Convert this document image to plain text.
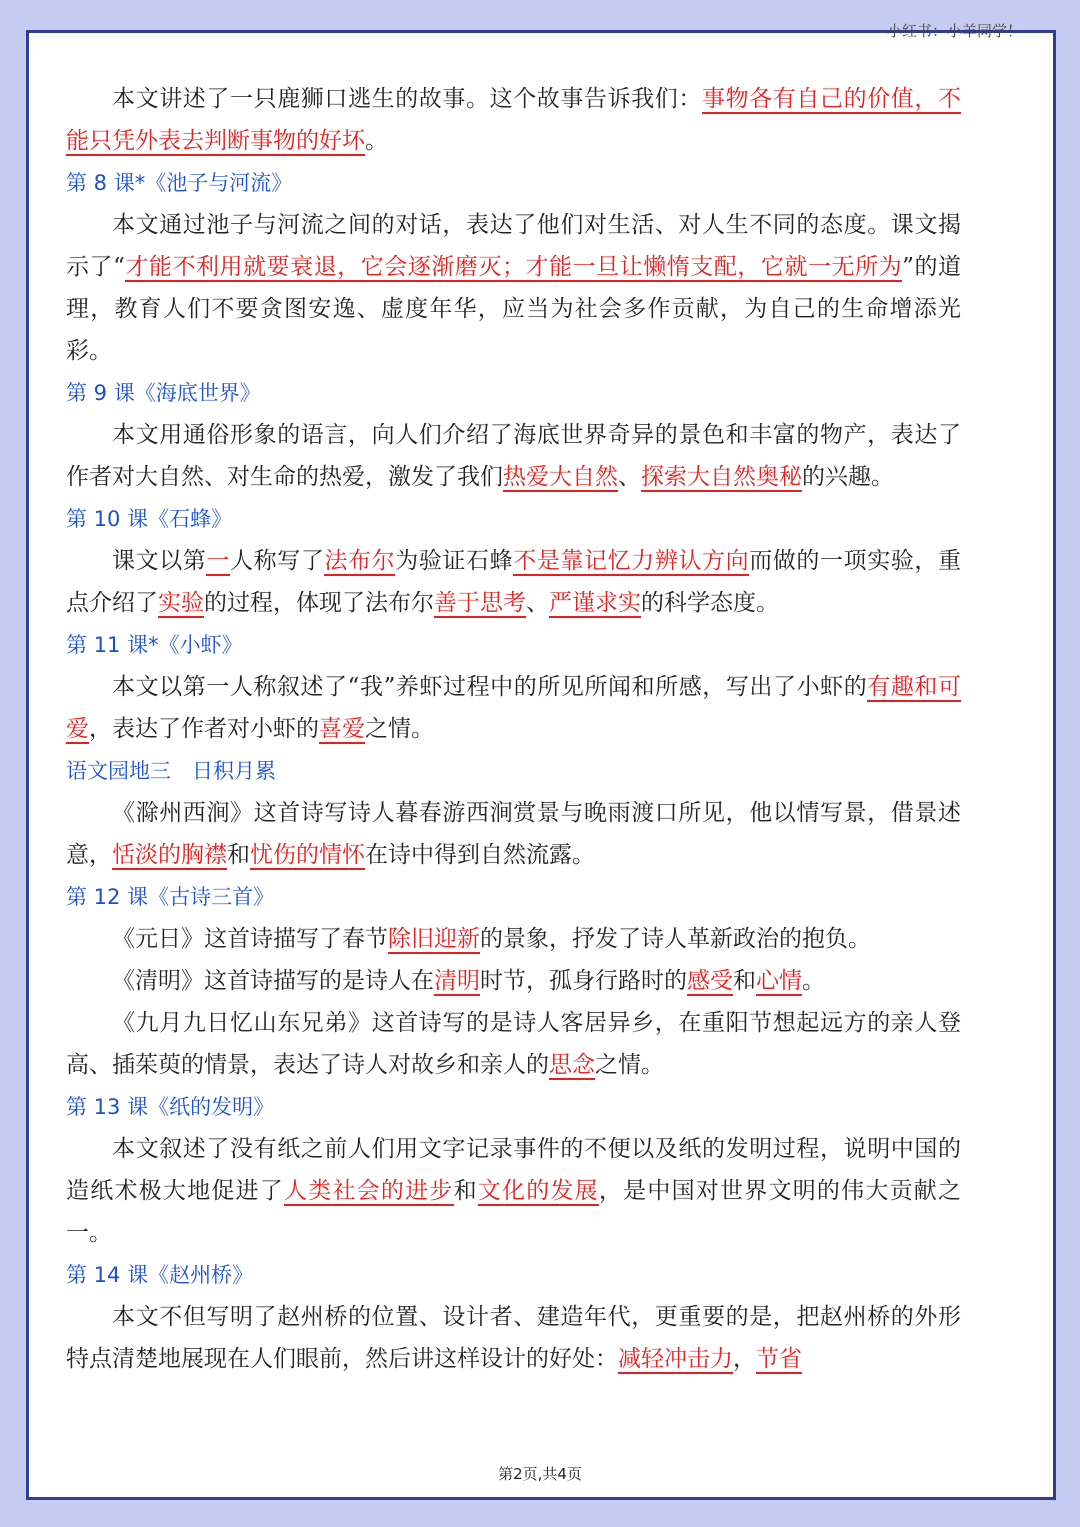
小红书：小羊同学！
本文讲述了一只鹿狮口逃生的故事。这个故事告诉我们：事物各有自己的价值，不能只凭外表去判断事物的好坏。
第 8 课*《池子与河流》
本文通过池子与河流之间的对话，表达了他们对生活、对人生不同的态度。课文揭示了“才能不利用就要衰退，它会逐渐磨灭；才能一旦让懒惰支配，它就一无所为”的道理，教育人们不要贪图安逸、虚度年华，应当为社会多作贡献，为自己的生命增添光彩。
第 9 课《海底世界》
本文用通俗形象的语言，向人们介绍了海底世界奇异的景色和丰富的物产，表达了作者对大自然、对生命的热爱，激发了我们热爱大自然、探索大自然奥秘的兴趣。
第 10 课《石蜂》
课文以第一人称写了法布尔为验证石蜂不是靠记忆力辨认方向而做的一项实验，重点介绍了实验的过程，体现了法布尔善于思考、严谨求实的科学态度。
第 11 课*《小虾》
本文以第一人称叙述了“我”养虾过程中的所见所闻和所感，写出了小虾的有趣和可爱，表达了作者对小虾的喜爱之情。
语文园地三　日积月累
《滁州西涧》这首诗写诗人暮春游西涧赏景与晚雨渡口所见，他以情写景，借景述意，恬淡的胸襟和忧伤的情怀在诗中得到自然流露。
第 12 课《古诗三首》
《元日》这首诗描写了春节除旧迎新的景象，抒发了诗人革新政治的抱负。
《清明》这首诗描写的是诗人在清明时节，孤身行路时的感受和心情。
《九月九日忆山东兄弟》这首诗写的是诗人客居异乡，在重阳节想起远方的亲人登高、插茱萸的情景，表达了诗人对故乡和亲人的思念之情。
第 13 课《纸的发明》
本文叙述了没有纸之前人们用文字记录事件的不便以及纸的发明过程，说明中国的造纸术极大地促进了人类社会的进步和文化的发展，是中国对世界文明的伟大贡献之一。
第 14 课《赵州桥》
本文不但写明了赵州桥的位置、设计者、建造年代，更重要的是，把赵州桥的外形特点清楚地展现在人们眼前，然后讲这样设计的好处：减轻冲击力，节省
第2页,共4页
